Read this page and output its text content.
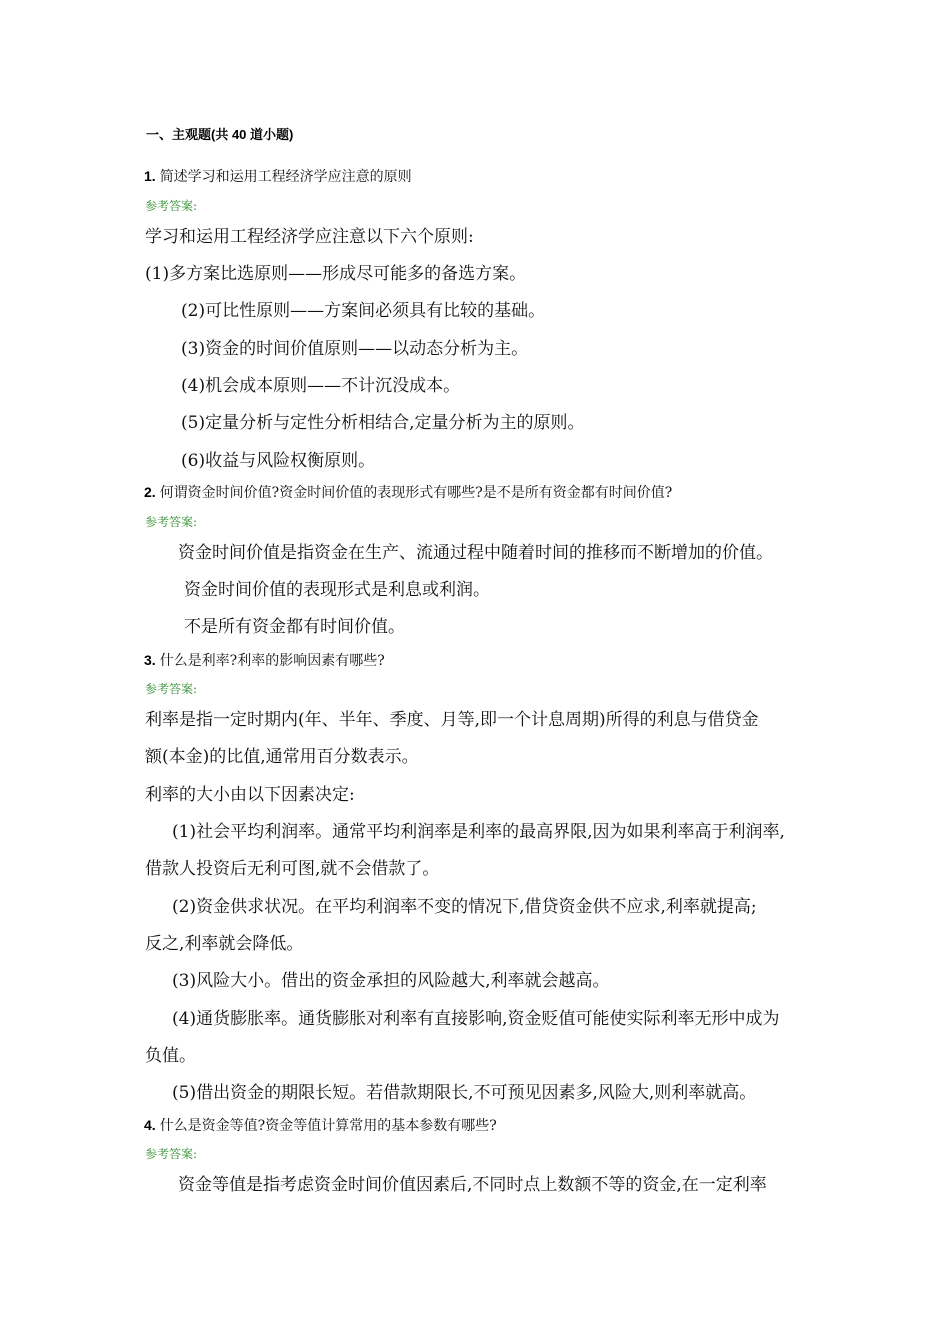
一、主观题(共 40 道小题)
1. 简述学习和运用工程经济学应注意的原则
参考答案:
学习和运用工程经济学应注意以下六个原则:
(1)多方案比选原则——形成尽可能多的备选方案。
(2)可比性原则——方案间必须具有比较的基础。
(3)资金的时间价值原则——以动态分析为主。
(4)机会成本原则——不计沉没成本。
(5)定量分析与定性分析相结合,定量分析为主的原则。
(6)收益与风险权衡原则。
2. 何谓资金时间价值?资金时间价值的表现形式有哪些?是不是所有资金都有时间价值?
参考答案:
资金时间价值是指资金在生产、流通过程中随着时间的推移而不断增加的价值。
资金时间价值的表现形式是利息或利润。
不是所有资金都有时间价值。
3. 什么是利率?利率的影响因素有哪些?
参考答案:
利率是指一定时期内(年、半年、季度、月等,即一个计息周期)所得的利息与借贷金
额(本金)的比值,通常用百分数表示。
利率的大小由以下因素决定:
(1)社会平均利润率。通常平均利润率是利率的最高界限,因为如果利率高于利润率,
借款人投资后无利可图,就不会借款了。
(2)资金供求状况。在平均利润率不变的情况下,借贷资金供不应求,利率就提高;
反之,利率就会降低。
(3)风险大小。借出的资金承担的风险越大,利率就会越高。
(4)通货膨胀率。通货膨胀对利率有直接影响,资金贬值可能使实际利率无形中成为
负值。
(5)借出资金的期限长短。若借款期限长,不可预见因素多,风险大,则利率就高。
4. 什么是资金等值?资金等值计算常用的基本参数有哪些?
参考答案:
资金等值是指考虑资金时间价值因素后,不同时点上数额不等的资金,在一定利率
